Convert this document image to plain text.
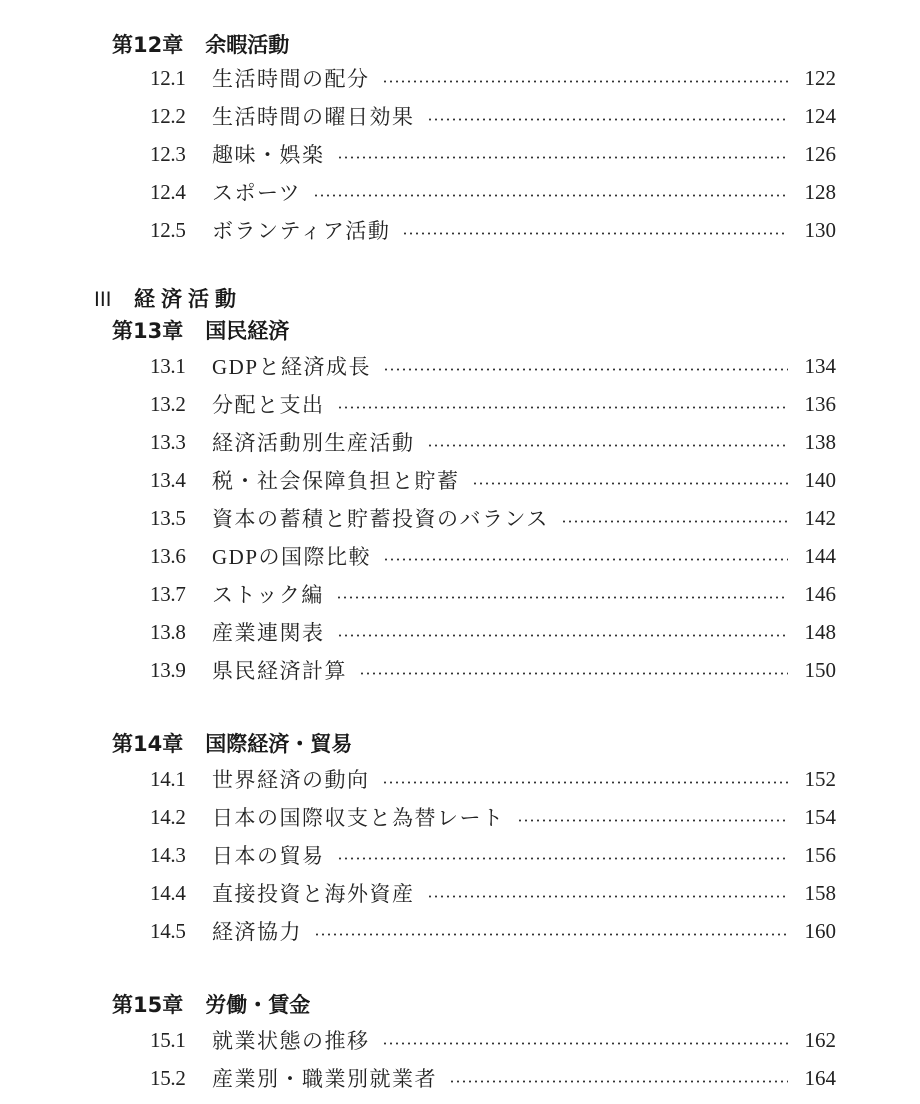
第12章 余暇活動
12.1	生活時間の配分	122
12.2	生活時間の曜日効果	124
12.3	趣味・娯楽	126
12.4	スポーツ	128
12.5	ボランティア活動	130
III 経済活動
第13章 国民経済
13.1	GDPと経済成長	134
13.2	分配と支出	136
13.3	経済活動別生産活動	138
13.4	税・社会保障負担と貯蓄	140
13.5	資本の蓄積と貯蓄投資のバランス	142
13.6	GDPの国際比較	144
13.7	ストック編	146
13.8	産業連関表	148
13.9	県民経済計算	150
第14章 国際経済・貿易
14.1	世界経済の動向	152
14.2	日本の国際収支と為替レート	154
14.3	日本の貿易	156
14.4	直接投資と海外資産	158
14.5	経済協力	160
第15章 労働・賃金
15.1	就業状態の推移	162
15.2	産業別・職業別就業者	164
